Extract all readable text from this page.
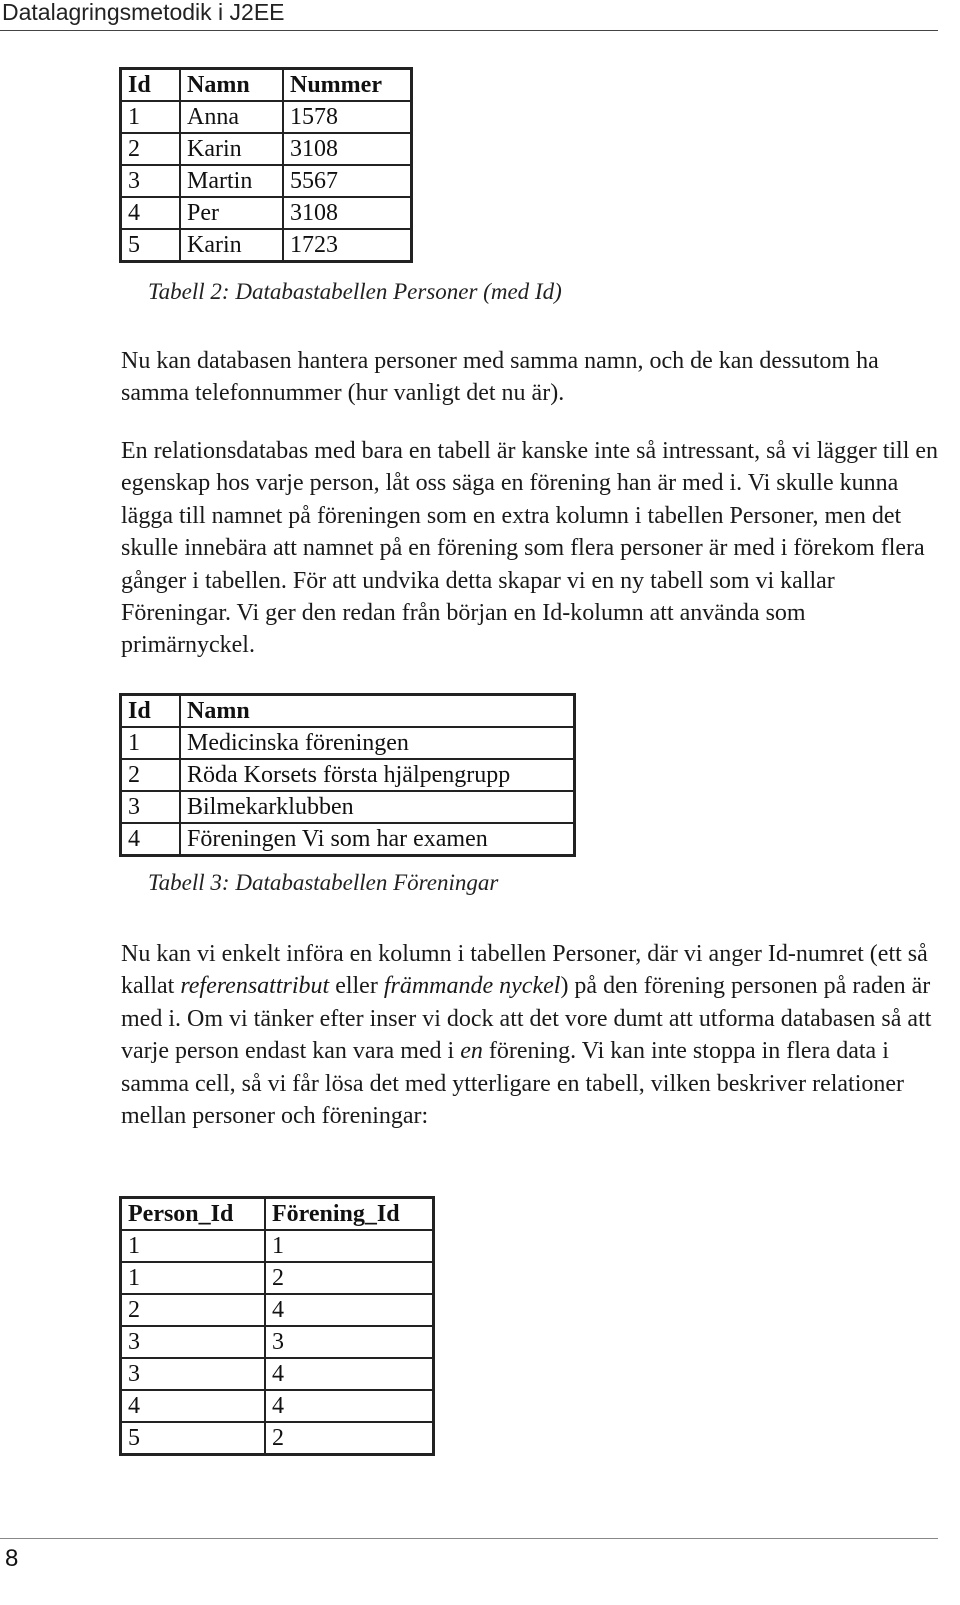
Datalagringsmetodik i J2EE
Id	Namn	Nummer
1	Anna	1578
2	Karin	3108
3	Martin	5567
4	Per	3108
5	Karin	1723
Tabell 2: Databastabellen Personer (med Id)

Nu kan databasen hantera personer med samma namn, och de kan dessutom ha samma telefonnummer (hur vanligt det nu är).

En relationsdatabas med bara en tabell är kanske inte så intressant, så vi lägger till en egenskap hos varje person, låt oss säga en förening han är med i. Vi skulle kunna lägga till namnet på föreningen som en extra kolumn i tabellen Personer, men det skulle innebära att namnet på en förening som flera personer är med i förekom flera gånger i tabellen. För att undvika detta skapar vi en ny tabell som vi kallar Föreningar. Vi ger den redan från början en Id-kolumn att använda som primärnyckel.

Id	Namn
1	Medicinska föreningen
2	Röda Korsets första hjälpengrupp
3	Bilmekarklubben
4	Föreningen Vi som har examen
Tabell 3: Databastabellen Föreningar

Nu kan vi enkelt införa en kolumn i tabellen Personer, där vi anger Id-numret (ett så kallat referensattribut eller främmande nyckel) på den förening personen på raden är med i. Om vi tänker efter inser vi dock att det vore dumt att utforma databasen så att varje person endast kan vara med i en förening. Vi kan inte stoppa in flera data i samma cell, så vi får lösa det med ytterligare en tabell, vilken beskriver relationer mellan personer och föreningar:

Person_Id	Förening_Id
1	1
1	2
2	4
3	3
3	4
4	4
5	2
8
